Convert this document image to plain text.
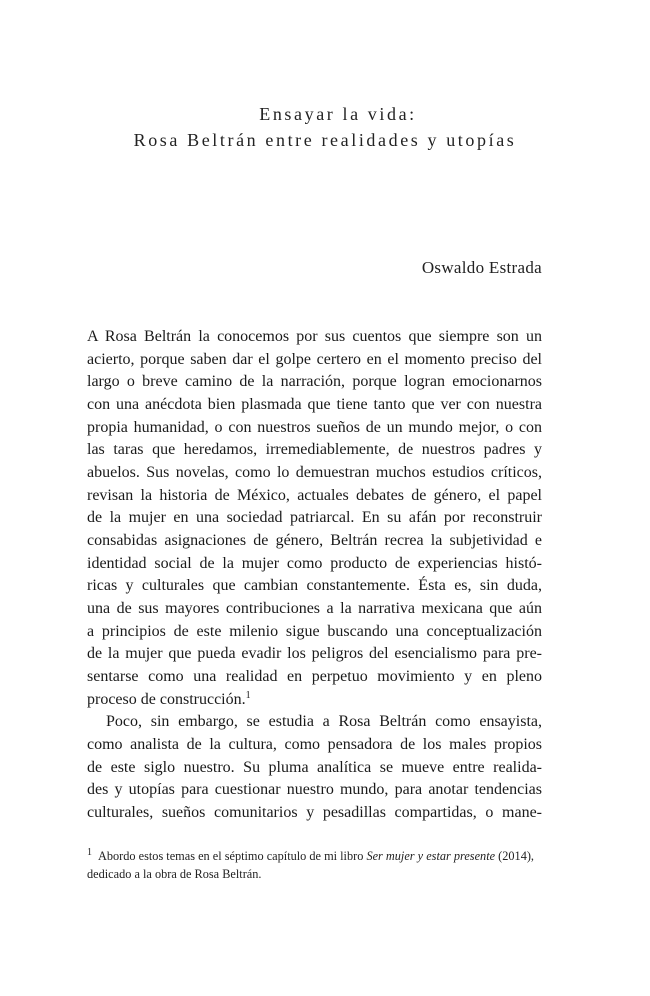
Ensayar la vida:
Rosa Beltrán entre realidades y utopías
Oswaldo Estrada

A Rosa Beltrán la conocemos por sus cuentos que siempre son un
acierto, porque saben dar el golpe certero en el momento preciso del
largo o breve camino de la narración, porque logran emocionarnos
con una anécdota bien plasmada que tiene tanto que ver con nuestra
propia humanidad, o con nuestros sueños de un mundo mejor, o con
las taras que heredamos, irremediablemente, de nuestros padres y
abuelos. Sus novelas, como lo demuestran muchos estudios críticos,
revisan la historia de México, actuales debates de género, el papel
de la mujer en una sociedad patriarcal. En su afán por reconstruir
consabidas asignaciones de género, Beltrán recrea la subjetividad e
identidad social de la mujer como producto de experiencias histó-
ricas y culturales que cambian constantemente. Ésta es, sin duda,
una de sus mayores contribuciones a la narrativa mexicana que aún
a principios de este milenio sigue buscando una conceptualización
de la mujer que pueda evadir los peligros del esencialismo para pre-
sentarse como una realidad en perpetuo movimiento y en pleno
proceso de construcción.$^1$

Poco, sin embargo, se estudia a Rosa Beltrán como ensayista,
como analista de la cultura, como pensadora de los males propios
de este siglo nuestro. Su pluma analítica se mueve entre realida-
des y utopías para cuestionar nuestro mundo, para anotar tendencias
culturales, sueños comunitarios y pesadillas compartidas, o mane-

$^1$ Abordo estos temas en el séptimo capítulo de mi libro Ser mujer y estar presente (2014),
dedicado a la obra de Rosa Beltrán.
